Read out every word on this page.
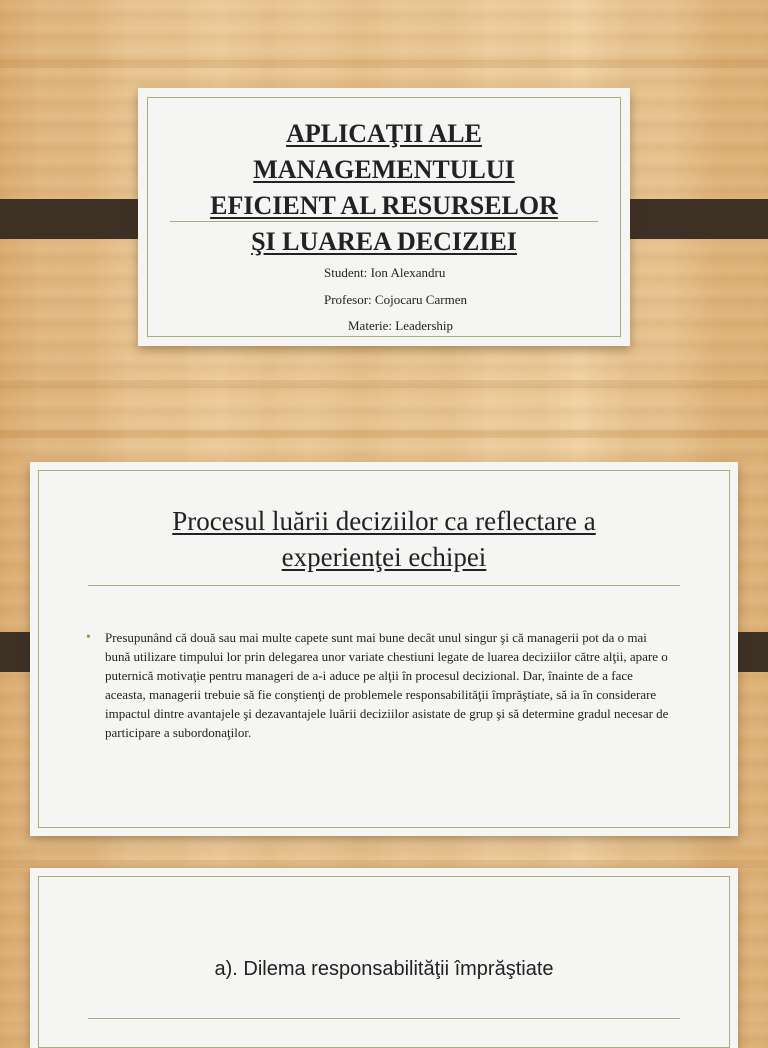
APLICAŢII ALE
MANAGEMENTULUI
EFICIENT AL RESURSELOR
ŞI LUAREA DECIZIEI
Student: Ion Alexandru
Profesor: Cojocaru Carmen
Materie: Leadership
Procesul luării deciziilor ca reflectare a
experienţei echipei
• Presupunând că două sau mai multe capete sunt mai bune decât unul singur şi că managerii pot da o mai bună utilizare timpului lor prin delegarea unor variate chestiuni legate de luarea deciziilor către alţii, apare o puternică motivaţie pentru manageri de a-i aduce pe alţii în procesul decizional. Dar, înainte de a face aceasta, managerii trebuie să fie conştienţi de problemele responsabilităţii împrăştiate, să ia în considerare impactul dintre avantajele şi dezavantajele luării deciziilor asistate de grup şi să determine gradul necesar de participare a subordonaţilor.
a). Dilema responsabilităţii împrăştiate
